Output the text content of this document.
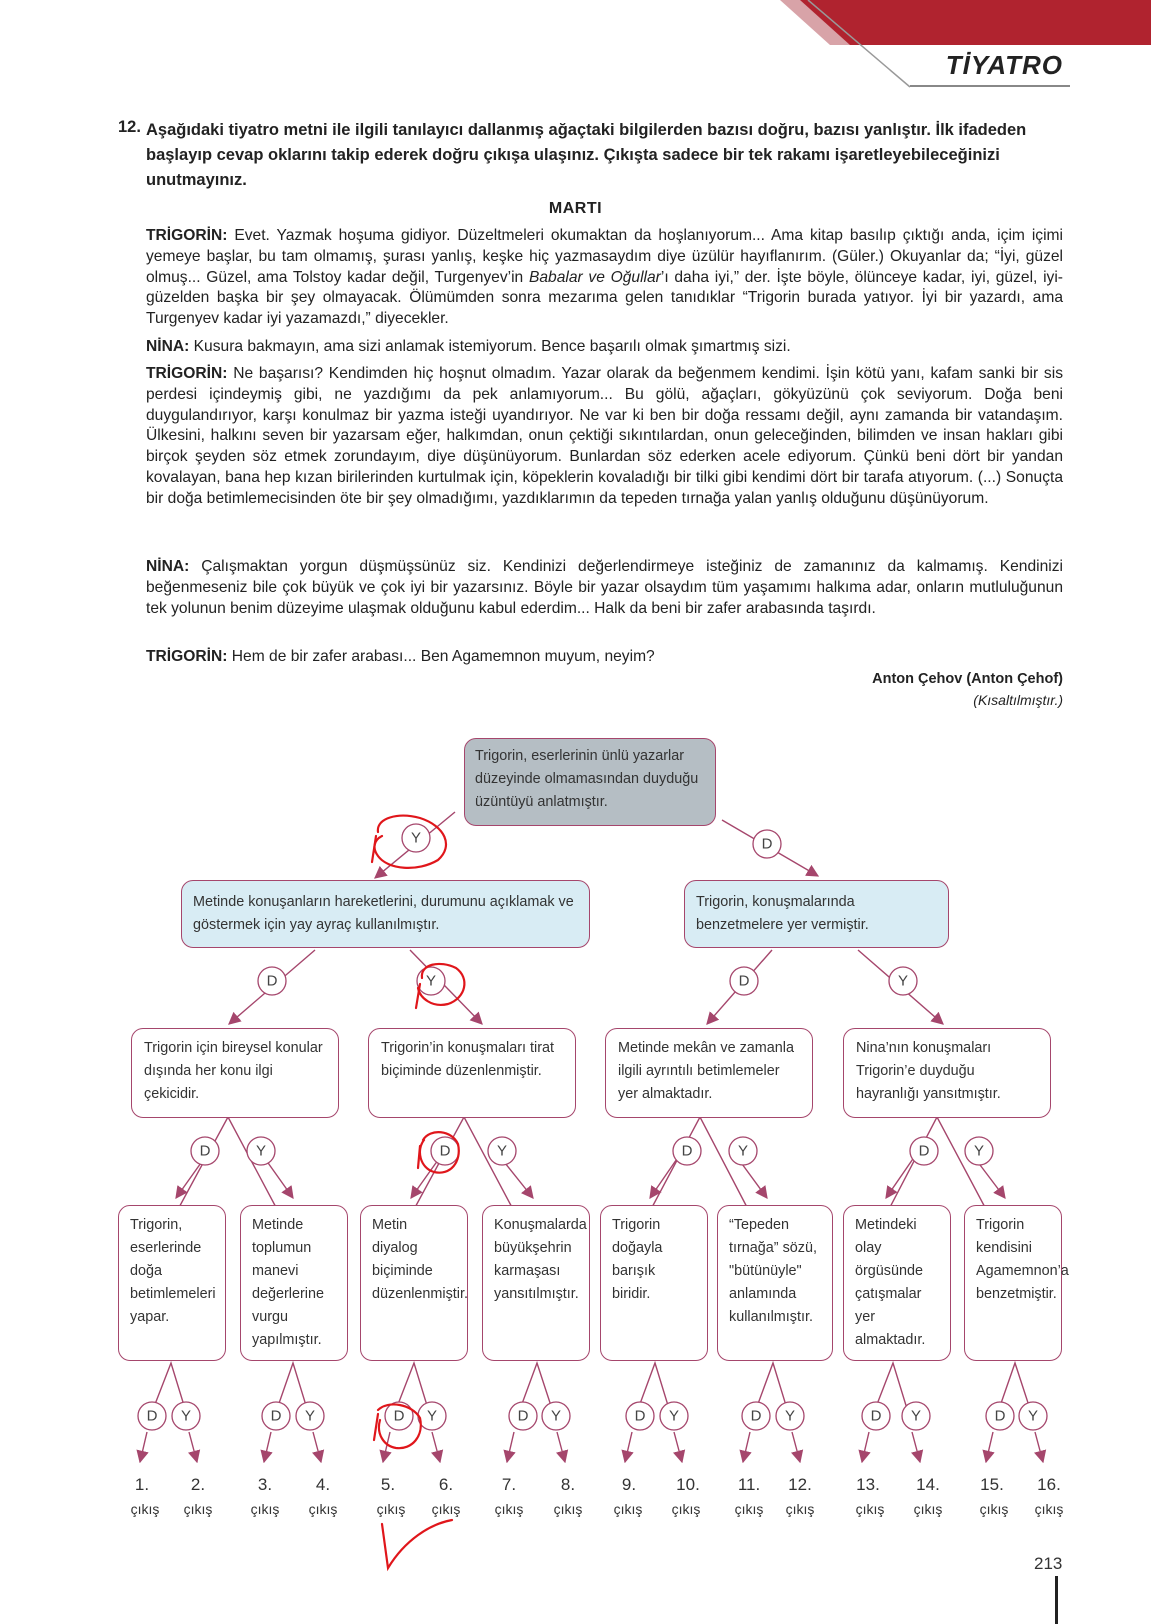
TİYATRO
12. Aşağıdaki tiyatro metni ile ilgili tanılayıcı dallanmış ağaçtaki bilgilerden bazısı doğru, bazısı yanlıştır. İlk ifadeden başlayıp cevap oklarını takip ederek doğru çıkışa ulaşınız. Çıkışta sadece bir tek rakamı işaretleyebileceğinizi unutmayınız.
MARTI
TRİGORİN: Evet. Yazmak hoşuma gidiyor. Düzeltmeleri okumaktan da hoşlanıyorum... Ama kitap basılıp çıktığı anda, içim içimi yemeye başlar, bu tam olmamış, şurası yanlış, keşke hiç yazmasaydım diye üzülür hayıflanırım. (Güler.) Okuyanlar da; “İyi, güzel olmuş... Güzel, ama Tolstoy kadar değil, Turgenyev’in Babalar ve Oğullar’ı daha iyi,” der. İşte böyle, ölünceye kadar, iyi, güzel, iyi-güzelden başka bir şey olmayacak. Ölümümden sonra mezarıma gelen tanıdıklar “Trigorin burada yatıyor. İyi bir yazardı, ama Turgenyev kadar iyi yazamazdı,” diyecekler.
NİNA: Kusura bakmayın, ama sizi anlamak istemiyorum. Bence başarılı olmak şımartmış sizi.
TRİGORİN: Ne başarısı? Kendimden hiç hoşnut olmadım. Yazar olarak da beğenmem kendimi. İşin kötü yanı, kafam sanki bir sis perdesi içindeymiş gibi, ne yazdığımı da pek anlamıyorum... Bu gölü, ağaçları, gökyüzünü çok seviyorum. Doğa beni duygulandırıyor, karşı konulmaz bir yazma isteği uyandırıyor. Ne var ki ben bir doğa ressamı değil, aynı zamanda bir vatandaşım. Ülkesini, halkını seven bir yazarsam eğer, halkımdan, onun çektiği sıkıntılardan, onun geleceğinden, bilimden ve insan hakları gibi birçok şeyden söz etmek zorundayım, diye düşünüyorum. Bunlardan söz ederken acele ediyorum. Çünkü beni dört bir yandan kovalayan, bana hep kızan birilerinden kurtulmak için, köpeklerin kovaladığı bir tilki gibi kendimi dört bir tarafa atıyorum. (...) Sonuçta bir doğa betimlemecisinden öte bir şey olmadığımı, yazdıklarımın da tepeden tırnağa yalan yanlış olduğunu düşünüyorum.
NİNA: Çalışmaktan yorgun düşmüşsünüz siz. Kendinizi değerlendirmeye isteğiniz de zamanınız da kalmamış. Kendinizi beğenmeseniz bile çok büyük ve çok iyi bir yazarsınız. Böyle bir yazar olsaydım tüm yaşamımı halkıma adar, onların mutluluğunun tek yolunun benim düzeyime ulaşmak olduğunu kabul ederdim... Halk da beni bir zafer arabasında taşırdı.
TRİGORİN: Hem de bir zafer arabası... Ben Agamemnon muyum, neyim?
Anton Çehov (Anton Çehof)
(Kısaltılmıştır.)
Y	D
D	Y	D	Y
D	Y	D	Y	D	Y	D	Y
D Y	D Y	D Y	D Y	D Y	D Y	D Y	D Y
Trigorin, eserlerinin ünlü yazarlar düzeyinde olmamasından duyduğu üzüntüyü anlatmıştır.
Metinde konuşanların hareketlerini, durumunu açıklamak ve göstermek için yay ayraç kullanılmıştır.
Trigorin, konuşmalarında benzetmelere yer vermiştir.
Trigorin için bireysel konular dışında her konu ilgi çekicidir.
Trigorin’in konuşmaları tirat biçiminde düzenlenmiştir.
Metinde mekân ve zamanla ilgili ayrıntılı betimlemeler yer almaktadır.
Nina’nın konuşmaları Trigorin’e duyduğu hayranlığı yansıtmıştır.
Trigorin, eserlerinde doğa betimlemeleri yapar.
Metinde toplumun manevi değerlerine vurgu yapılmıştır.
Metin diyalog biçiminde düzenlenmiştir.
Konuşmalarda büyükşehrin karmaşası yansıtılmıştır.
Trigorin doğayla barışık biridir.
“Tepeden tırnağa” sözü, "bütünüyle" anlamında kullanılmıştır.
Metindeki olay örgüsünde çatışmalar yer almaktadır.
Trigorin kendisini Agamemnon’a benzetmiştir.
1.	2.	3.	4.	5.	6.	7.	8.	9.	10.	11.	12.	13.	14.	15.	16.
çıkış	çıkış	çıkış	çıkış	çıkış	çıkış	çıkış	çıkış	çıkış	çıkış	çıkış	çıkış	çıkış	çıkış	çıkış	çıkış
213
